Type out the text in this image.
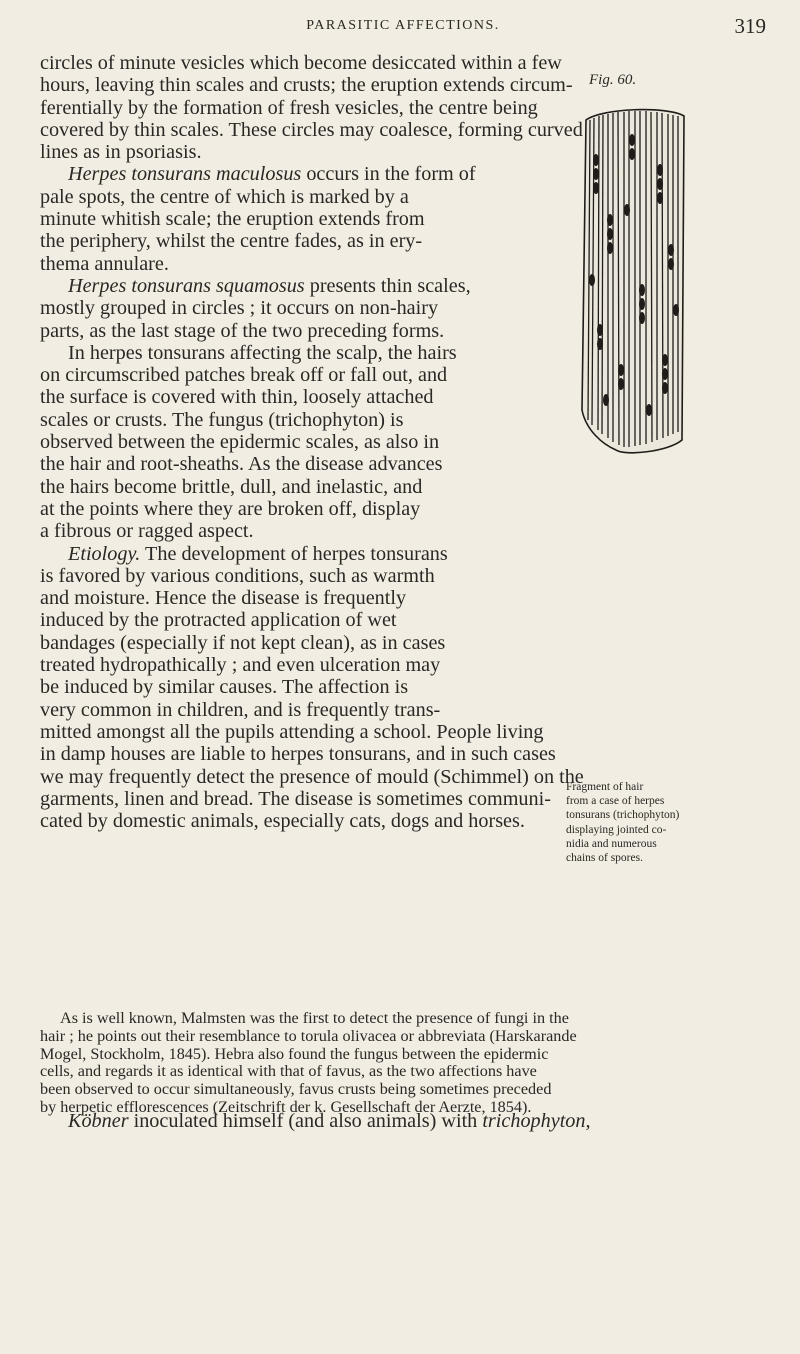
PARASITIC AFFECTIONS.	319

circles of minute vesicles which become desiccated within a few
hours, leaving thin scales and crusts; the eruption extends circum-
ferentially by the formation of fresh vesicles, the centre being
covered by thin scales. These circles may coalesce, forming curved
lines as in psoriasis.

Herpes tonsurans maculosus occurs in the form of
pale spots, the centre of which is marked by a
minute whitish scale; the eruption extends from
the periphery, whilst the centre fades, as in ery-
thema annulare.

Herpes tonsurans squamosus presents thin scales,
mostly grouped in circles ; it occurs on non-hairy
parts, as the last stage of the two preceding forms.
In herpes tonsurans affecting the scalp, the hairs
on circumscribed patches break off or fall out, and
the surface is covered with thin, loosely attached
scales or crusts. The fungus (trichophyton) is
observed between the epidermic scales, as also in
the hair and root-sheaths. As the disease advances
the hairs become brittle, dull, and inelastic, and
at the points where they are broken off, display
a fibrous or ragged aspect.

Etiology. The development of herpes tonsurans
is favored by various conditions, such as warmth
and moisture. Hence the disease is frequently
induced by the protracted application of wet
bandages (especially if not kept clean), as in cases
treated hydropathically ; and even ulceration may
be induced by similar causes. The affection is
very common in children, and is frequently trans-

mitted amongst all the pupils attending a school. People living
in damp houses are liable to herpes tonsurans, and in such cases
we may frequently detect the presence of mould (Schimmel) on the
garments, linen and bread. The disease is sometimes communi-
cated by domestic animals, especially cats, dogs and horses.

Fig. 60.
Fragment of hair
from a case of herpes
tonsurans (trichophyton)
displaying jointed co-
nidia and numerous
chains of spores.
As is well known, Malmsten was the first to detect the presence of fungi in the
hair ; he points out their resemblance to torula olivacea or abbreviata (Harskarande
Mogel, Stockholm, 1845). Hebra also found the fungus between the epidermic
cells, and regards it as identical with that of favus, as the two affections have
been observed to occur simultaneously, favus crusts being sometimes preceded
by herpetic efflorescences (Zeitschrift der k. Gesellschaft der Aerzte, 1854).
Köbner inoculated himself (and also animals) with trichophyton,
